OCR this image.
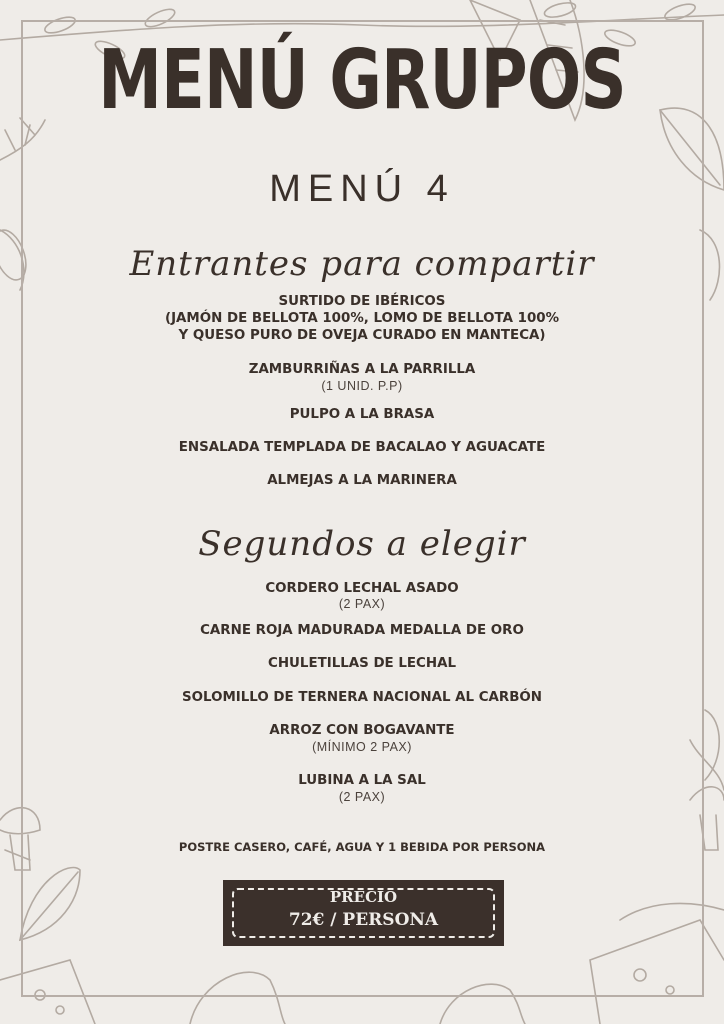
MENÚ GRUPOS
MENÚ 4
Entrantes para compartir
SURTIDO DE IBÉRICOS
(JAMÓN DE BELLOTA 100%, LOMO DE BELLOTA 100%
Y QUESO PURO DE OVEJA CURADO EN MANTECA)
ZAMBURRIÑAS A LA PARRILLA
(1 UNID. P.P)
PULPO A LA BRASA
ENSALADA TEMPLADA DE BACALAO Y AGUACATE
ALMEJAS A LA MARINERA
Segundos a elegir
CORDERO LECHAL ASADO
(2 PAX)
CARNE ROJA MADURADA MEDALLA DE ORO
CHULETILLAS DE LECHAL
SOLOMILLO DE TERNERA NACIONAL AL CARBÓN
ARROZ CON BOGAVANTE
(MÍNIMO 2 PAX)
LUBINA A LA SAL
(2 PAX)
POSTRE CASERO, CAFÉ, AGUA Y 1 BEBIDA POR PERSONA
PRECIO
72€ / PERSONA
